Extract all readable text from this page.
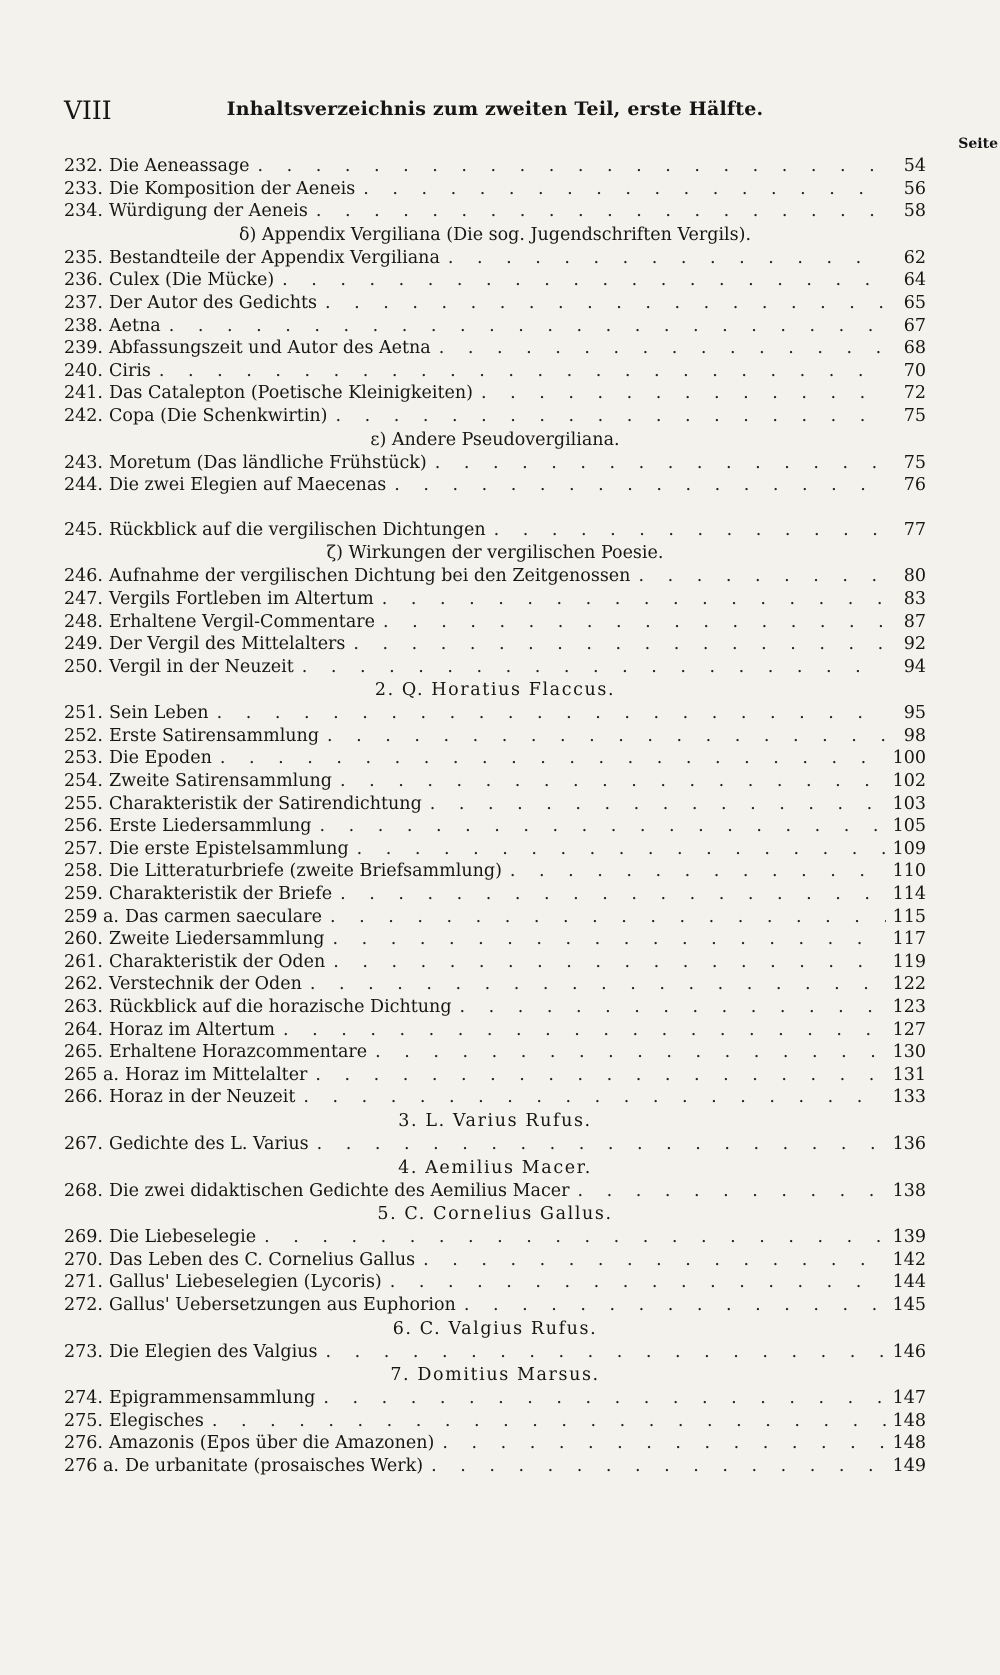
VIII	Inhaltsverzeichnis zum zweiten Teil, erste Hälfte.
Seite
232. Die Aeneassage . . .	54
233. Die Komposition der Aeneis . . .	56
234. Würdigung der Aeneis . . .	58
δ) Appendix Vergiliana (Die sog. Jugendschriften Vergils).
235. Bestandteile der Appendix Vergiliana . . .	62
236. Culex (Die Mücke) . . .	64
237. Der Autor des Gedichts . . .	65
238. Aetna . . .	67
239. Abfassungszeit und Autor des Aetna . . .	68
240. Ciris . . .	70
241. Das Catalepton (Poetische Kleinigkeiten) . . .	72
242. Copa (Die Schenkwirtin) . . .	75
ε) Andere Pseudovergiliana.
243. Moretum (Das ländliche Frühstück) . . .	75
244. Die zwei Elegien auf Maecenas . . .	76
245. Rückblick auf die vergilischen Dichtungen . . .	77
ζ) Wirkungen der vergilischen Poesie.
246. Aufnahme der vergilischen Dichtung bei den Zeitgenossen . . .	80
247. Vergils Fortleben im Altertum . . .	83
248. Erhaltene Vergil-Commentare . . .	87
249. Der Vergil des Mittelalters . . .	92
250. Vergil in der Neuzeit . . .	94
2. Q. Horatius Flaccus.
251. Sein Leben . . .	95
252. Erste Satirensammlung . . .	98
253. Die Epoden . . .	100
254. Zweite Satirensammlung . . .	102
255. Charakteristik der Satirendichtung . . .	103
256. Erste Liedersammlung . . .	105
257. Die erste Epistelsammlung . . .	109
258. Die Litteraturbriefe (zweite Briefsammlung) . . .	110
259. Charakteristik der Briefe . . .	114
259 a. Das carmen saeculare . . .	115
260. Zweite Liedersammlung . . .	117
261. Charakteristik der Oden . . .	119
262. Verstechnik der Oden . . .	122
263. Rückblick auf die horazische Dichtung . . .	123
264. Horaz im Altertum . . .	127
265. Erhaltene Horazcommentare . . .	130
265 a. Horaz im Mittelalter . . .	131
266. Horaz in der Neuzeit . . .	133
3. L. Varius Rufus.
267. Gedichte des L. Varius . . .	136
4. Aemilius Macer.
268. Die zwei didaktischen Gedichte des Aemilius Macer . . .	138
5. C. Cornelius Gallus.
269. Die Liebeselegie . . .	139
270. Das Leben des C. Cornelius Gallus . . .	142
271. Gallus' Liebeselegien (Lycoris) . . .	144
272. Gallus' Uebersetzungen aus Euphorion . . .	145
6. C. Valgius Rufus.
273. Die Elegien des Valgius . . .	146
7. Domitius Marsus.
274. Epigrammensammlung . . .	147
275. Elegisches . . .	148
276. Amazonis (Epos über die Amazonen) . . .	148
276 a. De urbanitate (prosaisches Werk) . . .	149
